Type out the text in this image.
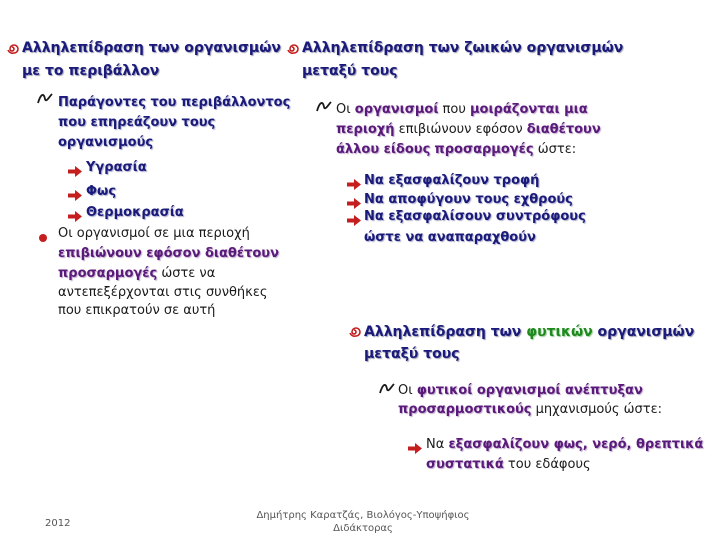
Αλληλεπίδραση των οργανισμών
με το περιβάλλον
Παράγοντες του περιβάλλοντος
που επηρεάζουν τους
οργανισμούς
Υγρασία
Φως
Θερμοκρασία
Οι οργανισμοί σε μια περιοχή
επιβιώνουν εφόσον διαθέτουν
προσαρμογές ώστε να
αντεπεξέρχονται στις συνθήκες
που επικρατούν σε αυτή
Αλληλεπίδραση των ζωικών οργανισμών
μεταξύ τους
Οι οργανισμοί που μοιράζονται μια
περιοχή επιβιώνουν εφόσον διαθέτουν
άλλου είδους προσαρμογές ώστε:
Να εξασφαλίζουν τροφή
Να αποφύγουν τους εχθρούς
Να εξασφαλίσουν συντρόφους
ώστε να αναπαραχθούν
Αλληλεπίδραση των φυτικών οργανισμών
μεταξύ τους
Οι φυτικοί οργανισμοί ανέπτυξαν
προσαρμοστικούς μηχανισμούς ώστε:
Να εξασφαλίζουν φως, νερό, θρεπτικά
συστατικά του εδάφους
2012
Δημήτρης Καρατζάς, Βιολόγος-Υποψήφιος
Διδάκτορας
